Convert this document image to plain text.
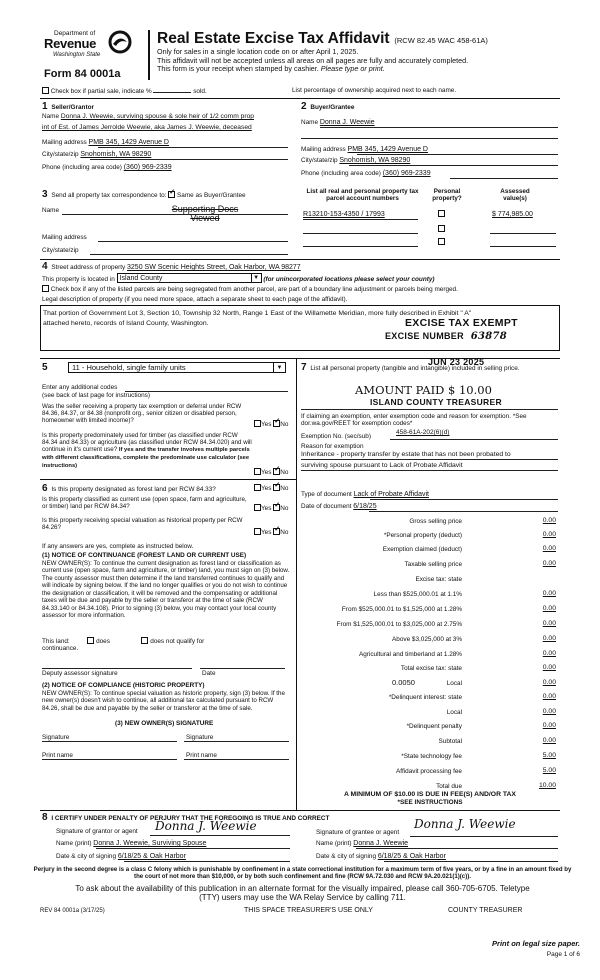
Department of
Revenue
Washington State
Form 84 0001a
Real Estate Excise Tax Affidavit (RCW 82.45 WAC 458-61A)
Only for sales in a single location code on or after April 1, 2025.
This affidavit will not be accepted unless all areas on all pages are fully and accurately completed.
This form is your receipt when stamped by cashier. Please type or print.
Check box if partial sale, indicate %	sold.	List percentage of ownership acquired next to each name.
1 Seller/Grantor
Name Donna J. Weewie, surviving spouse & sole heir of 1/2 comm prop
int of Est. of James Jerrolde Weewie, aka James J. Weewie, deceased
Mailing address PMB 345, 1429 Avenue D
City/state/zip Snohomish, WA 98290
Phone (including area code) (360) 969-2339
2 Buyer/Grantee
Name Donna J. Weewie
Mailing address PMB 345, 1429 Avenue D
City/state/zip Snohomish, WA 98290
Phone (including area code) (360) 969-2339
3 Send all property tax correspondence to: ✓ Same as Buyer/Grantee
Name	Supporting Docs Viewed
Mailing address
City/state/zip
List all real and personal property tax parcel account numbers
Personal property?
Assessed value(s)
R13210-153-4350 / 17993	$ 774,985.00
4 Street address of property 3250 SW Scenic Heights Street, Oak Harbor, WA 98277
This property is located in Island County	▼ (for unincorporated locations please select your county)
Check box if any of the listed parcels are being segregated from another parcel, are part of a boundary line adjustment or parcels being merged.
Legal description of property (if you need more space, attach a separate sheet to each page of the affidavit).
That portion of Government Lot 3, Section 10, Township 32 North, Range 1 East of the Willamette Meridian, more fully described in Exhibit " A"
attached hereto, records of Island County, Washington.	EXCISE TAX EXEMPT
EXCISE NUMBER 63878
5	11 - Household, single family units	▼
Enter any additional codes
(see back of last page for instructions)
Was the seller receiving a property tax exemption or deferral under RCW 84.36, 84.37, or 84.38 (nonprofit org., senior citizen or disabled person, homeowner with limited income)?
Yes ✓ No
Is this property predominately used for timber (as classified under RCW 84.34 and 84.33) or agriculture (as classified under RCW 84.34.020) and will continue in it's current use? If yes and the transfer involves multiple parcels with different classifications, complete the predominate use calculator (see instructions)
Yes ✓ No
6 Is this property designated as forest land per RCW 84.33?	Yes ✓ No
Is this property classified as current use (open space, farm and agriculture, or timber) land per RCW 84.34?	Yes ✓ No
Is this property receiving special valuation as historical property per RCW 84.26?
Yes ✓ No
If any answers are yes, complete as instructed below.
(1) NOTICE OF CONTINUANCE (FOREST LAND OR CURRENT USE)
NEW OWNER(S): To continue the current designation as forest land or classification as current use (open space, farm and agriculture, or timber) land, you must sign on (3) below. The county assessor must then determine if the land transferred continues to qualify and will indicate by signing below. If the land no longer qualifies or you do not wish to continue the designation or classification, it will be removed and the compensating or additional taxes will be due and payable by the seller or transferor at the time of sale (RCW 84.33.140 or 84.34.108). Prior to signing (3) below, you may contact your local county assessor for more information.
This land:	does	does not qualify for
continuance.
Deputy assessor signature	Date
(2) NOTICE OF COMPLIANCE (HISTORIC PROPERTY)
NEW OWNER(S): To continue special valuation as historic property, sign (3) below. If the new owner(s) doesn't wish to continue, all additional tax calculated pursuant to RCW 84.26, shall be due and payable by the seller or transferor at the time of sale.
(3) NEW OWNER(S) SIGNATURE
Signature	Signature
Print name	Print name
7 List all personal property (tangible and intangible) included in selling price.
JUN 23 2025
AMOUNT PAID $ 10.00
ISLAND COUNTY TREASURER
If claiming an exemption, enter exemption code and reason for exemption. *See dor.wa.gov/REET for exemption codes*
Exemption No. (sec/sub)
458-61A-202(6)(d)
Reason for exemption
Inheritance - property transfer by estate that has not been probated to
surviving spouse pursuant to Lack of Probate Affidavit
Type of document Lack of Probate Affidavit
Date of document 6/18/25
Gross selling price	0.00
*Personal property (deduct)	0.00
Exemption claimed (deduct)	0.00
Taxable selling price	0.00
Excise tax: state
Less than $525,000.01 at 1.1%	0.00
From $525,000.01 to $1,525,000 at 1.28%	0.00
From $1,525,000.01 to $3,025,000 at 2.75%	0.00
Above $3,025,000 at 3%	0.00
Agricultural and timberland at 1.28%	0.00
Total excise tax: state	0.00
0.0050	Local	0.00
*Delinquent interest: state	0.00
Local	0.00
*Delinquent penalty	0.00
Subtotal	0.00
*State technology fee	5.00
Affidavit processing fee	5.00
Total due	10.00
A MINIMUM OF $10.00 IS DUE IN FEE(S) AND/OR TAX
*SEE INSTRUCTIONS
8 I CERTIFY UNDER PENALTY OF PERJURY THAT THE FOREGOING IS TRUE AND CORRECT
Signature of grantor or agent Donna J. Weewie
Name (print) Donna J. Weewie, Surviving Spouse
Date & city of signing 6/18/25 & Oak Harbor
Signature of grantee or agent
Donna J. Weewie
Name (print) Donna J. Weewie
Date & city of signing 6/18/25 & Oak Harbor
Perjury in the second degree is a class C felony which is punishable by confinement in a state correctional institution for a maximum term of five years, or by a fine in an amount fixed by the court of not more than $10,000, or by both such confinement and fine (RCW 9A.72.030 and RCW 9A.20.021(1)(c)).
To ask about the availability of this publication in an alternate format for the visually impaired, please call 360-705-6705. Teletype
(TTY) users may use the WA Relay Service by calling 711.
REV 84 0001a (3/17/25)	THIS SPACE TREASURER'S USE ONLY	COUNTY TREASURER
Print on legal size paper.
Page 1 of 6
